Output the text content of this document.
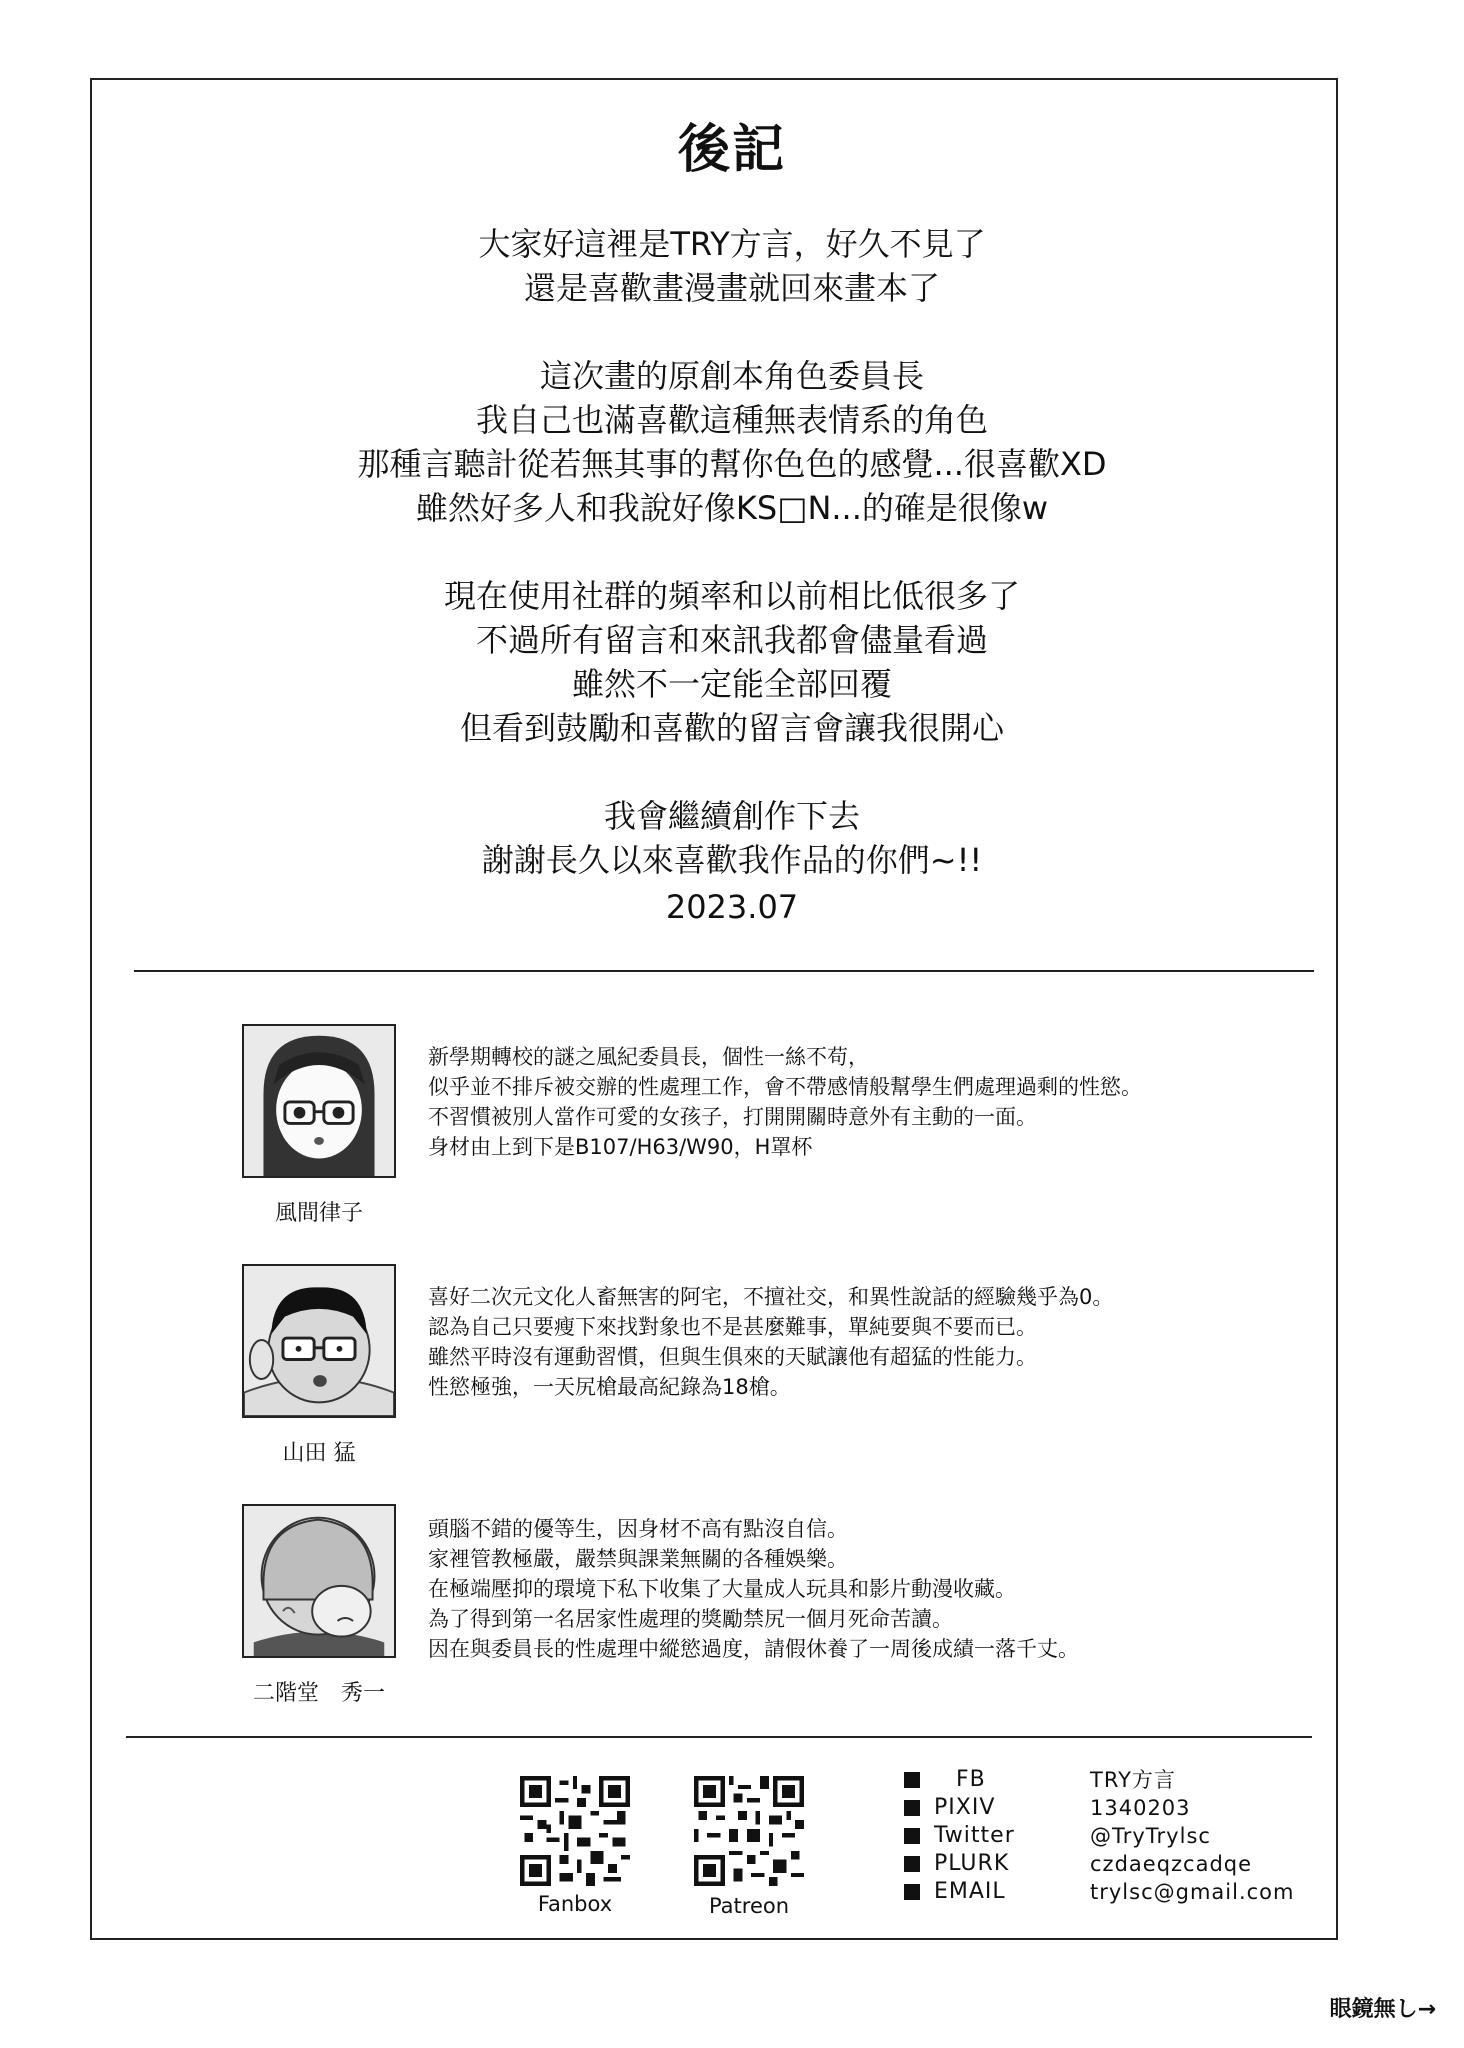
後記
大家好這裡是TRY方言，好久不見了
還是喜歡畫漫畫就回來畫本了
這次畫的原創本角色委員長
我自己也滿喜歡這種無表情系的角色
那種言聽計從若無其事的幫你色色的感覺...很喜歡XD
雖然好多人和我說好像KS□N...的確是很像w
現在使用社群的頻率和以前相比低很多了
不過所有留言和來訊我都會儘量看過
雖然不一定能全部回覆
但看到鼓勵和喜歡的留言會讓我很開心
我會繼續創作下去
謝謝長久以來喜歡我作品的你們~!!
2023.07
風間律子
新學期轉校的謎之風紀委員長，個性一絲不苟，
似乎並不排斥被交辦的性處理工作，會不帶感情般幫學生們處理過剩的性慾。
不習慣被別人當作可愛的女孩子，打開開關時意外有主動的一面。
身材由上到下是B107/H63/W90，H罩杯
山田 猛
喜好二次元文化人畜無害的阿宅，不擅社交，和異性說話的經驗幾乎為0。
認為自己只要瘦下來找對象也不是甚麼難事，單純要與不要而已。
雖然平時沒有運動習慣，但與生俱來的天賦讓他有超猛的性能力。
性慾極強，一天尻槍最高紀錄為18槍。
二階堂　秀一
頭腦不錯的優等生，因身材不高有點沒自信。
家裡管教極嚴，嚴禁與課業無關的各種娛樂。
在極端壓抑的環境下私下收集了大量成人玩具和影片動漫收藏。
為了得到第一名居家性處理的獎勵禁尻一個月死命苦讀。
因在與委員長的性處理中縱慾過度，請假休養了一周後成績一落千丈。
Fanbox	Patreon
FB
PIXIV
Twitter
PLURK
EMAIL
TRY方言
1340203
@TryTrylsc
czdaeqzcadqe
trylsc@gmail.com
眼鏡無し→
